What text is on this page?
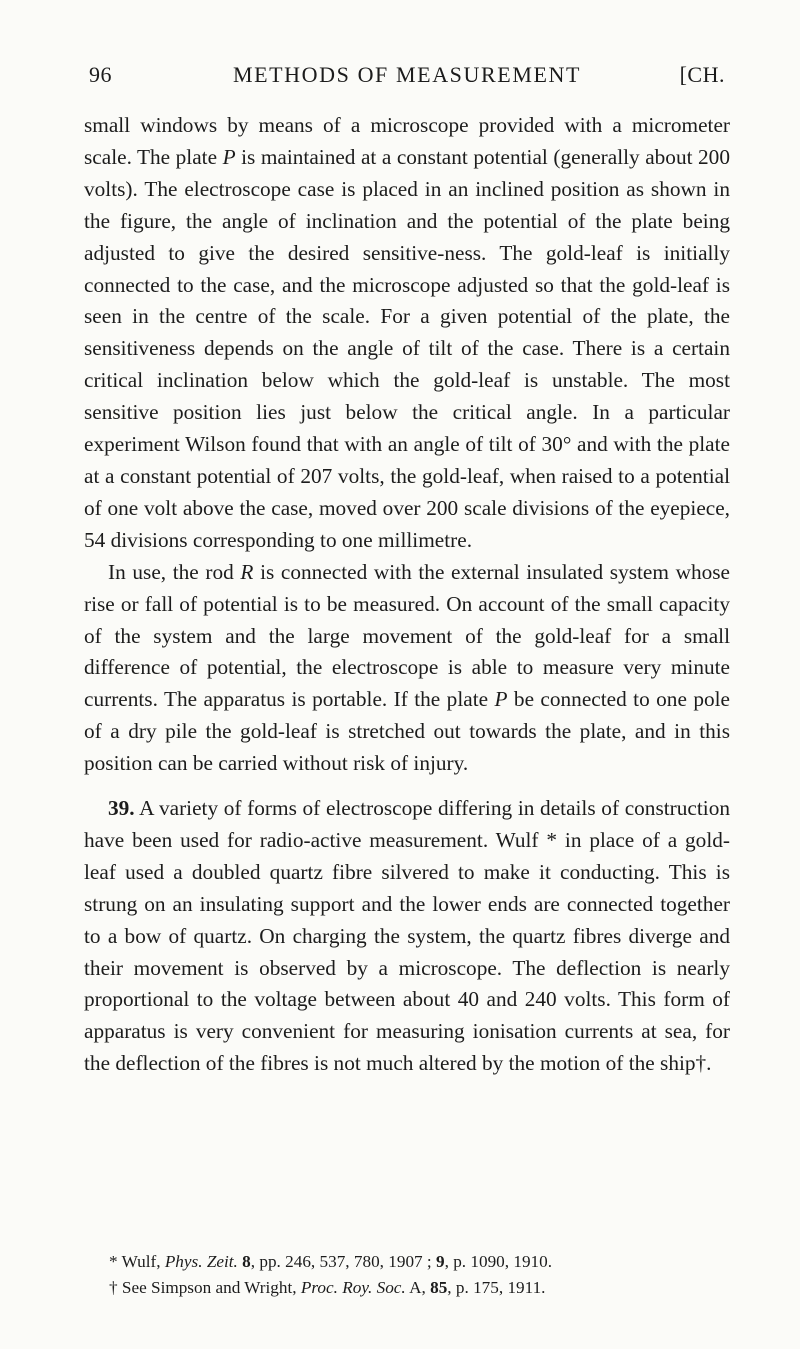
96	METHODS OF MEASUREMENT	[CH.

small windows by means of a microscope provided with a micrometer scale. The plate P is maintained at a constant potential (generally about 200 volts). The electroscope case is placed in an inclined position as shown in the figure, the angle of inclination and the potential of the plate being adjusted to give the desired sensitive-ness. The gold-leaf is initially connected to the case, and the microscope adjusted so that the gold-leaf is seen in the centre of the scale. For a given potential of the plate, the sensitiveness depends on the angle of tilt of the case. There is a certain critical inclination below which the gold-leaf is unstable. The most sensitive position lies just below the critical angle. In a particular experiment Wilson found that with an angle of tilt of 30° and with the plate at a constant potential of 207 volts, the gold-leaf, when raised to a potential of one volt above the case, moved over 200 scale divisions of the eyepiece, 54 divisions corresponding to one millimetre.

In use, the rod R is connected with the external insulated system whose rise or fall of potential is to be measured. On account of the small capacity of the system and the large movement of the gold-leaf for a small difference of potential, the electroscope is able to measure very minute currents. The apparatus is portable. If the plate P be connected to one pole of a dry pile the gold-leaf is stretched out towards the plate, and in this position can be carried without risk of injury.

39. A variety of forms of electroscope differing in details of construction have been used for radio-active measurement. Wulf * in place of a gold-leaf used a doubled quartz fibre silvered to make it conducting. This is strung on an insulating support and the lower ends are connected together to a bow of quartz. On charging the system, the quartz fibres diverge and their movement is observed by a microscope. The deflection is nearly proportional to the voltage between about 40 and 240 volts. This form of apparatus is very convenient for measuring ionisation currents at sea, for the deflection of the fibres is not much altered by the motion of the ship†.

* Wulf, Phys. Zeit. 8, pp. 246, 537, 780, 1907 ; 9, p. 1090, 1910.

† See Simpson and Wright, Proc. Roy. Soc. A, 85, p. 175, 1911.
